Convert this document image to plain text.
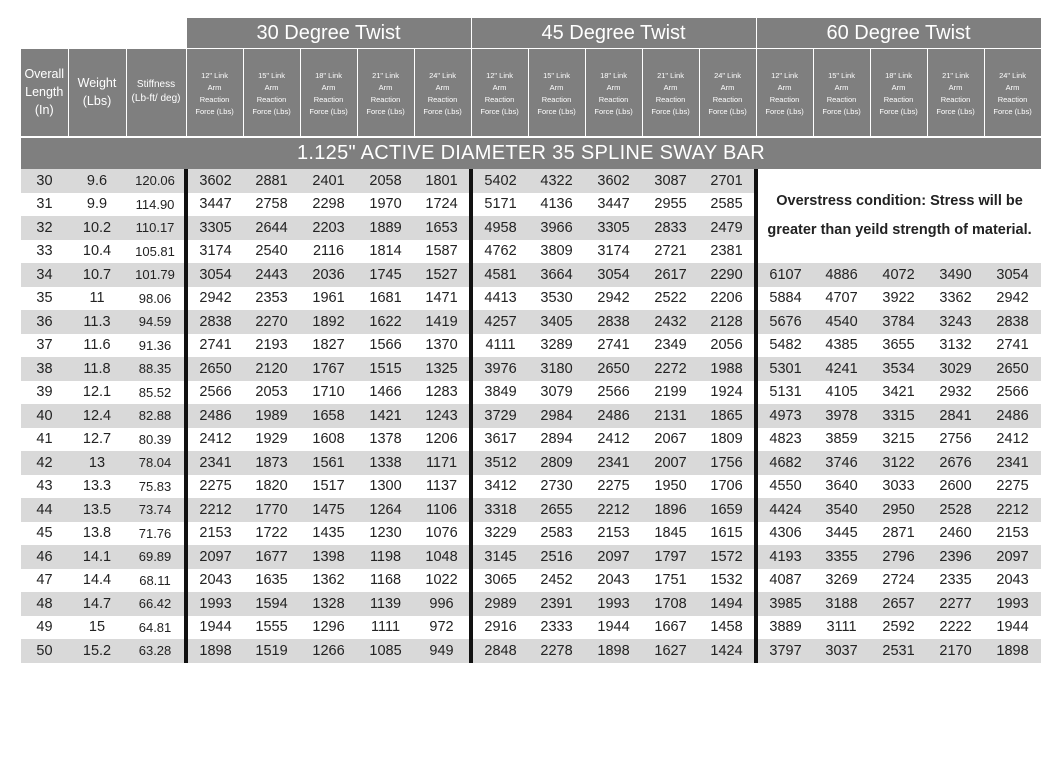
			30 Degree Twist					45 Degree Twist					60 Degree Twist				
Overall
Length
(In)	Weight
(Lbs)	Stiffness
(Lb-ft/ deg)	12" Link
Arm
Reaction
Force (Lbs)	15" Link
Arm
Reaction
Force (Lbs)	18" Link
Arm
Reaction
Force (Lbs)	21" Link
Arm
Reaction
Force (Lbs)	24" Link
Arm
Reaction
Force (Lbs)	12" Link
Arm
Reaction
Force (Lbs)	15" Link
Arm
Reaction
Force (Lbs)	18" Link
Arm
Reaction
Force (Lbs)	21" Link
Arm
Reaction
Force (Lbs)	24" Link
Arm
Reaction
Force (Lbs)	12" Link
Arm
Reaction
Force (Lbs)	15" Link
Arm
Reaction
Force (Lbs)	18" Link
Arm
Reaction
Force (Lbs)	21" Link
Arm
Reaction
Force (Lbs)	24" Link
Arm
Reaction
Force (Lbs)
1.125" ACTIVE DIAMETER 35 SPLINE SWAY BAR																	
30	9.6	120.06	3602	2881	2401	2058	1801	5402	4322	3602	3087	2701	Overstress condition: Stress will be greater than yeild strength of material.				
31	9.9	114.90	3447	2758	2298	1970	1724	5171	4136	3447	2955	2585					
32	10.2	110.17	3305	2644	2203	1889	1653	4958	3966	3305	2833	2479					
33	10.4	105.81	3174	2540	2116	1814	1587	4762	3809	3174	2721	2381					
34	10.7	101.79	3054	2443	2036	1745	1527	4581	3664	3054	2617	2290	6107	4886	4072	3490	3054
35	11	98.06	2942	2353	1961	1681	1471	4413	3530	2942	2522	2206	5884	4707	3922	3362	2942
36	11.3	94.59	2838	2270	1892	1622	1419	4257	3405	2838	2432	2128	5676	4540	3784	3243	2838
37	11.6	91.36	2741	2193	1827	1566	1370	4111	3289	2741	2349	2056	5482	4385	3655	3132	2741
38	11.8	88.35	2650	2120	1767	1515	1325	3976	3180	2650	2272	1988	5301	4241	3534	3029	2650
39	12.1	85.52	2566	2053	1710	1466	1283	3849	3079	2566	2199	1924	5131	4105	3421	2932	2566
40	12.4	82.88	2486	1989	1658	1421	1243	3729	2984	2486	2131	1865	4973	3978	3315	2841	2486
41	12.7	80.39	2412	1929	1608	1378	1206	3617	2894	2412	2067	1809	4823	3859	3215	2756	2412
42	13	78.04	2341	1873	1561	1338	1171	3512	2809	2341	2007	1756	4682	3746	3122	2676	2341
43	13.3	75.83	2275	1820	1517	1300	1137	3412	2730	2275	1950	1706	4550	3640	3033	2600	2275
44	13.5	73.74	2212	1770	1475	1264	1106	3318	2655	2212	1896	1659	4424	3540	2950	2528	2212
45	13.8	71.76	2153	1722	1435	1230	1076	3229	2583	2153	1845	1615	4306	3445	2871	2460	2153
46	14.1	69.89	2097	1677	1398	1198	1048	3145	2516	2097	1797	1572	4193	3355	2796	2396	2097
47	14.4	68.11	2043	1635	1362	1168	1022	3065	2452	2043	1751	1532	4087	3269	2724	2335	2043
48	14.7	66.42	1993	1594	1328	1139	996	2989	2391	1993	1708	1494	3985	3188	2657	2277	1993
49	15	64.81	1944	1555	1296	1111	972	2916	2333	1944	1667	1458	3889	3111	2592	2222	1944
50	15.2	63.28	1898	1519	1266	1085	949	2848	2278	1898	1627	1424	3797	3037	2531	2170	1898
